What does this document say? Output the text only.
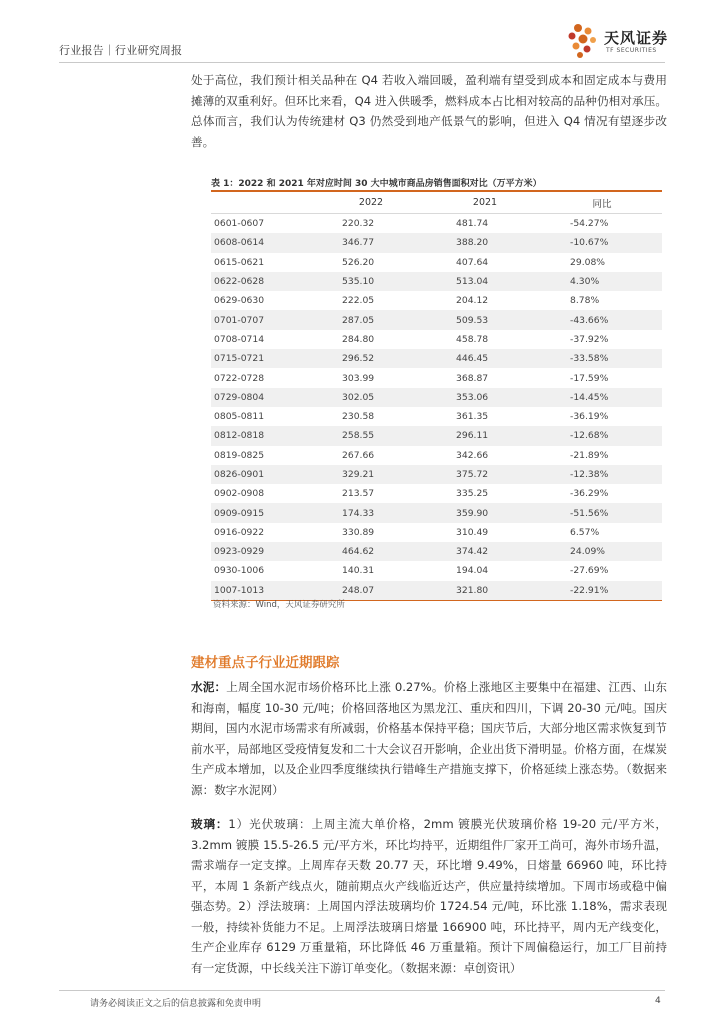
行业报告｜行业研究周报
天风证券
TF SECURITIES
处于高位，我们预计相关品种在 Q4 若收入端回暖，盈利端有望受到成本和固定成本与费用摊薄的双重利好。但环比来看，Q4 进入供暖季，燃料成本占比相对较高的品种仍相对承压。总体而言，我们认为传统建材 Q3 仍然受到地产低景气的影响，但进入 Q4 情况有望逐步改善。
表 1：2022 和 2021 年对应时间 30 大中城市商品房销售面积对比（万平方米）
	2022	2021	同比
0601-0607	220.32	481.74	-54.27%
0608-0614	346.77	388.20	-10.67%
0615-0621	526.20	407.64	29.08%
0622-0628	535.10	513.04	4.30%
0629-0630	222.05	204.12	8.78%
0701-0707	287.05	509.53	-43.66%
0708-0714	284.80	458.78	-37.92%
0715-0721	296.52	446.45	-33.58%
0722-0728	303.99	368.87	-17.59%
0729-0804	302.05	353.06	-14.45%
0805-0811	230.58	361.35	-36.19%
0812-0818	258.55	296.11	-12.68%
0819-0825	267.66	342.66	-21.89%
0826-0901	329.21	375.72	-12.38%
0902-0908	213.57	335.25	-36.29%
0909-0915	174.33	359.90	-51.56%
0916-0922	330.89	310.49	6.57%
0923-0929	464.62	374.42	24.09%
0930-1006	140.31	194.04	-27.69%
1007-1013	248.07	321.80	-22.91%
资料来源：Wind，天风证券研究所
建材重点子行业近期跟踪
水泥：上周全国水泥市场价格环比上涨 0.27%。价格上涨地区主要集中在福建、江西、山东和海南，幅度 10-30 元/吨；价格回落地区为黑龙江、重庆和四川，下调 20-30 元/吨。国庆期间，国内水泥市场需求有所减弱，价格基本保持平稳；国庆节后，大部分地区需求恢复到节前水平，局部地区受疫情复发和二十大会议召开影响，企业出货下滑明显。价格方面，在煤炭生产成本增加，以及企业四季度继续执行错峰生产措施支撑下，价格延续上涨态势。（数据来源：数字水泥网）
玻璃：1）光伏玻璃：上周主流大单价格，2mm 镀膜光伏玻璃价格 19-20 元/平方米，3.2mm 镀膜 15.5-26.5 元/平方米，环比均持平，近期组件厂家开工尚可，海外市场升温，需求端存一定支撑。上周库存天数 20.77 天，环比增 9.49%，日熔量 66960 吨，环比持平，本周 1 条新产线点火，随前期点火产线临近达产，供应量持续增加。下周市场或稳中偏强态势。2）浮法玻璃：上周国内浮法玻璃均价 1724.54 元/吨，环比涨 1.18%，需求表现一般，持续补货能力不足。上周浮法玻璃日熔量 166900 吨，环比持平，周内无产线变化，生产企业库存 6129 万重量箱，环比降低 46 万重量箱。预计下周偏稳运行，加工厂目前持有一定货源，中长线关注下游订单变化。（数据来源：卓创资讯）
请务必阅读正文之后的信息披露和免责申明	4
